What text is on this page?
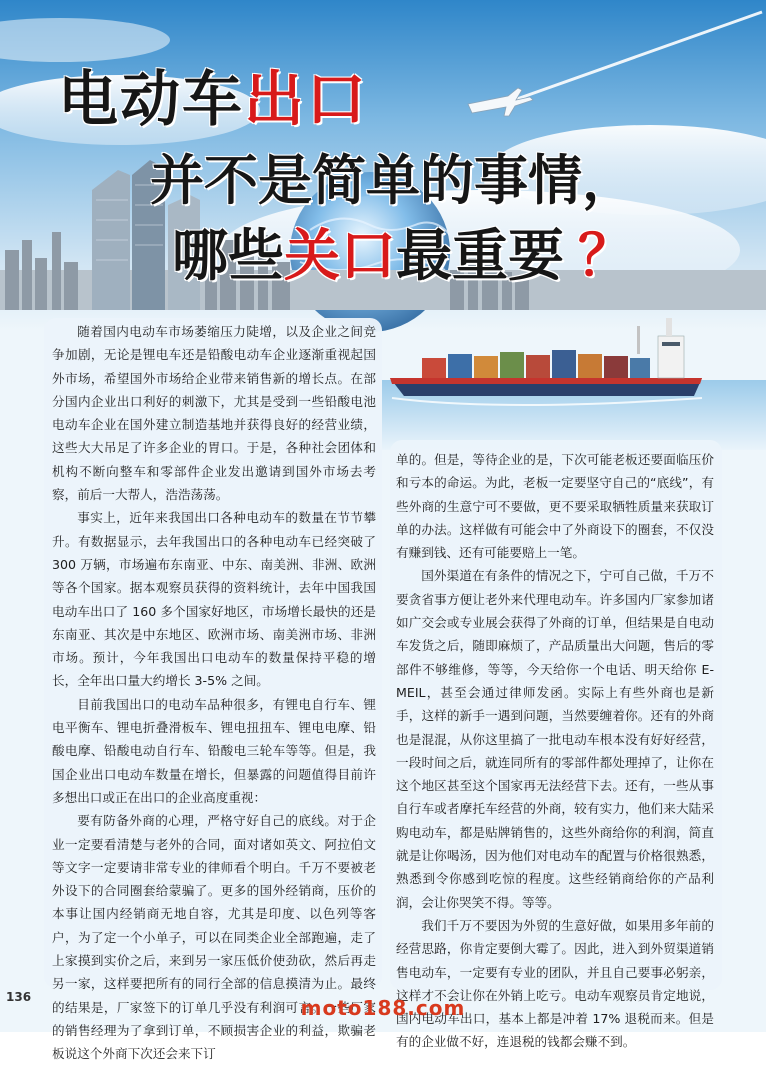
电动车出口
并不是简单的事情，
哪些关口最重要 ？

随着国内电动车市场萎缩压力陡增，以及企业之间竞争加剧，无论是锂电车还是铅酸电动车企业逐渐重视起国外市场，希望国外市场给企业带来销售新的增长点。在部分国内企业出口利好的刺激下，尤其是受到一些铅酸电池电动车企业在国外建立制造基地并获得良好的经营业绩，这些大大吊足了许多企业的胃口。于是，各种社会团体和机构不断向整车和零部件企业发出邀请到国外市场去考察，前后一大帮人，浩浩荡荡。

事实上，近年来我国出口各种电动车的数量在节节攀升。有数据显示，去年我国出口的各种电动车已经突破了 300 万辆，市场遍布东南亚、中东、南美洲、非洲、欧洲等各个国家。据本观察员获得的资料统计，去年中国我国电动车出口了 160 多个国家好地区，市场增长最快的还是东南亚、其次是中东地区、欧洲市场、南美洲市场、非洲市场。预计，今年我国出口电动车的数量保持平稳的增长，全年出口量大约增长 3-5% 之间。

目前我国出口的电动车品种很多，有锂电自行车、锂电平衡车、锂电折叠滑板车、锂电扭扭车、锂电电摩、铅酸电摩、铅酸电动自行车、铅酸电三轮车等等。但是，我国企业出口电动车数量在增长，但暴露的问题值得目前许多想出口或正在出口的企业高度重视：

要有防备外商的心理，严格守好自己的底线。对于企业一定要看清楚与老外的合同，面对诸如英文、阿拉伯文等文字一定要请非常专业的律师看个明白。千万不要被老外设下的合同圈套给蒙骗了。更多的国外经销商，压价的本事让国内经销商无地自容，尤其是印度、以色列等客户，为了定一个小单子，可以在同类企业全部跑遍，走了上家摸到实价之后，来到另一家压低价使劲砍，然后再走另一家，这样要把所有的同行全部的信息摸清为止。最终的结果是，厂家签下的订单几乎没有利润可言。一些厂家的销售经理为了拿到订单，不顾损害企业的利益，欺骗老板说这个外商下次还会来下订

单的。但是，等待企业的是，下次可能老板还要面临压价和亏本的命运。为此，老板一定要坚守自己的“底线”，有些外商的生意宁可不要做，更不要采取牺牲质量来获取订单的办法。这样做有可能会中了外商设下的圈套，不仅没有赚到钱、还有可能要赔上一笔。

国外渠道在有条件的情况之下，宁可自己做，千万不要贪省事方便让老外来代理电动车。许多国内厂家参加诸如广交会或专业展会获得了外商的订单，但结果是自电动车发货之后，随即麻烦了，产品质量出大问题，售后的零部件不够维修，等等，今天给你一个电话、明天给你 E-MEIL，甚至会通过律师发函。实际上有些外商也是新手，这样的新手一遇到问题，当然要缠着你。还有的外商也是混混，从你这里搞了一批电动车根本没有好好经营，一段时间之后，就连同所有的零部件都处理掉了，让你在这个地区甚至这个国家再无法经营下去。还有，一些从事自行车或者摩托车经营的外商，较有实力，他们来大陆采购电动车，都是贴牌销售的，这些外商给你的利润，简直就是让你喝汤，因为他们对电动车的配置与价格很熟悉，熟悉到令你感到吃惊的程度。这些经销商给你的产品利润，会让你哭笑不得。等等。

我们千万不要因为外贸的生意好做，如果用多年前的经营思路，你肯定要倒大霉了。因此，进入到外贸渠道销售电动车，一定要有专业的团队，并且自己要事必躬亲，这样才不会让你在外销上吃亏。电动车观察员肯定地说，国内电动车出口，基本上都是冲着 17% 退税而来。但是有的企业做不好，连退税的钱都会赚不到。

136	moto188.com
